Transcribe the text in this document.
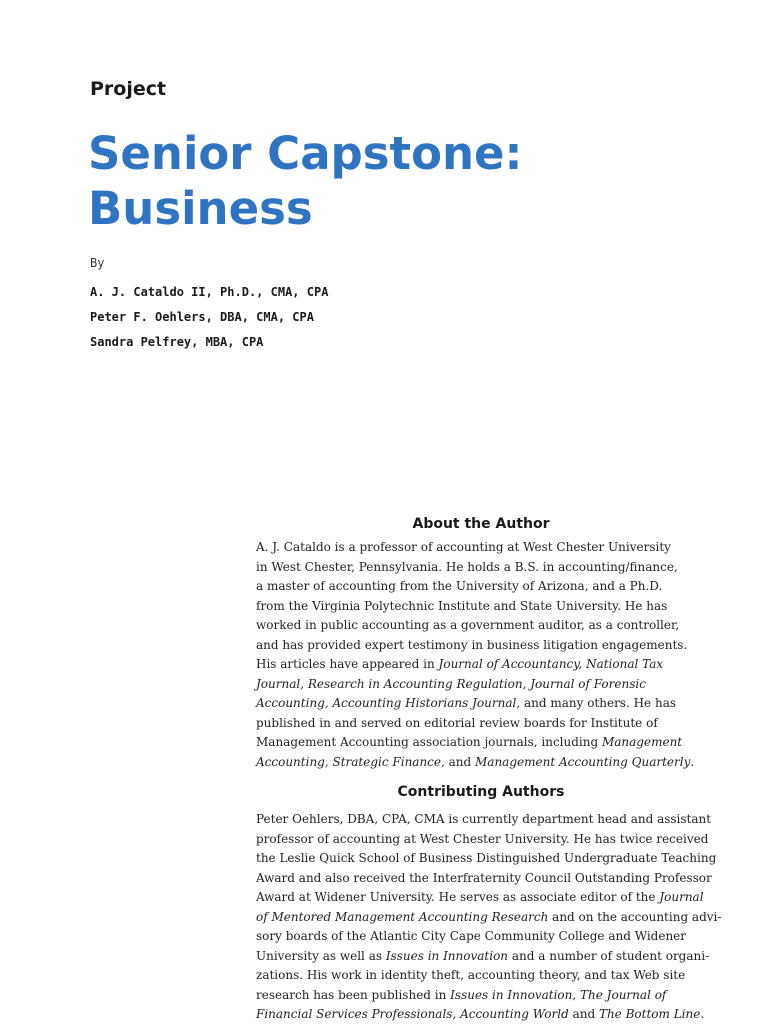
Project
Senior Capstone:
Business
By
A. J. Cataldo II, Ph.D., CMA, CPA
Peter F. Oehlers, DBA, CMA, CPA
Sandra Pelfrey, MBA, CPA
About the Author
A. J. Cataldo is a professor of accounting at West Chester University
in West Chester, Pennsylvania. He holds a B.S. in accounting/finance,
a master of accounting from the University of Arizona, and a Ph.D.
from the Virginia Polytechnic Institute and State University. He has
worked in public accounting as a government auditor, as a controller,
and has provided expert testimony in business litigation engagements.
His articles have appeared in Journal of Accountancy, National Tax
Journal, Research in Accounting Regulation, Journal of Forensic
Accounting, Accounting Historians Journal, and many others. He has
published in and served on editorial review boards for Institute of
Management Accounting association journals, including Management
Accounting, Strategic Finance, and Management Accounting Quarterly.
Contributing Authors
Peter Oehlers, DBA, CPA, CMA is currently department head and assistant
professor of accounting at West Chester University. He has twice received
the Leslie Quick School of Business Distinguished Undergraduate Teaching
Award and also received the Interfraternity Council Outstanding Professor
Award at Widener University. He serves as associate editor of the Journal
of Mentored Management Accounting Research and on the accounting advi-
sory boards of the Atlantic City Cape Community College and Widener
University as well as Issues in Innovation and a number of student organi-
zations. His work in identity theft, accounting theory, and tax Web site
research has been published in Issues in Innovation, The Journal of
Financial Services Professionals, Accounting World and The Bottom Line.
